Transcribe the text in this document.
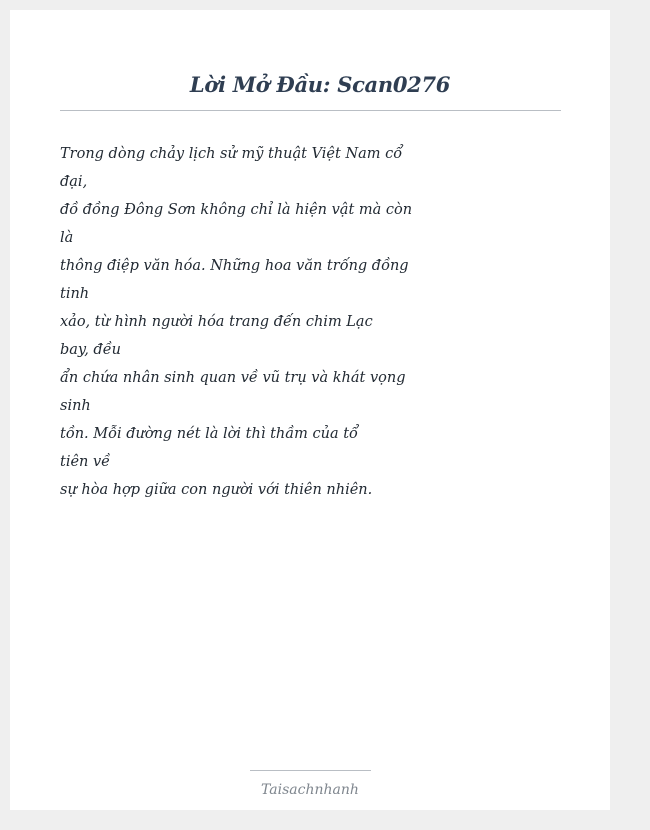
Lời Mở Đầu: Scan0276

Trong dòng chảy lịch sử mỹ thuật Việt Nam cổ
đại,
đồ đồng Đông Sơn không chỉ là hiện vật mà còn
là
thông điệp văn hóa. Những hoa văn trống đồng
tinh
xảo, từ hình người hóa trang đến chim Lạc
bay, đều
ẩn chứa nhân sinh quan về vũ trụ và khát vọng
sinh
tồn. Mỗi đường nét là lời thì thầm của tổ
tiên về
sự hòa hợp giữa con người với thiên nhiên.

Taisachnhanh
